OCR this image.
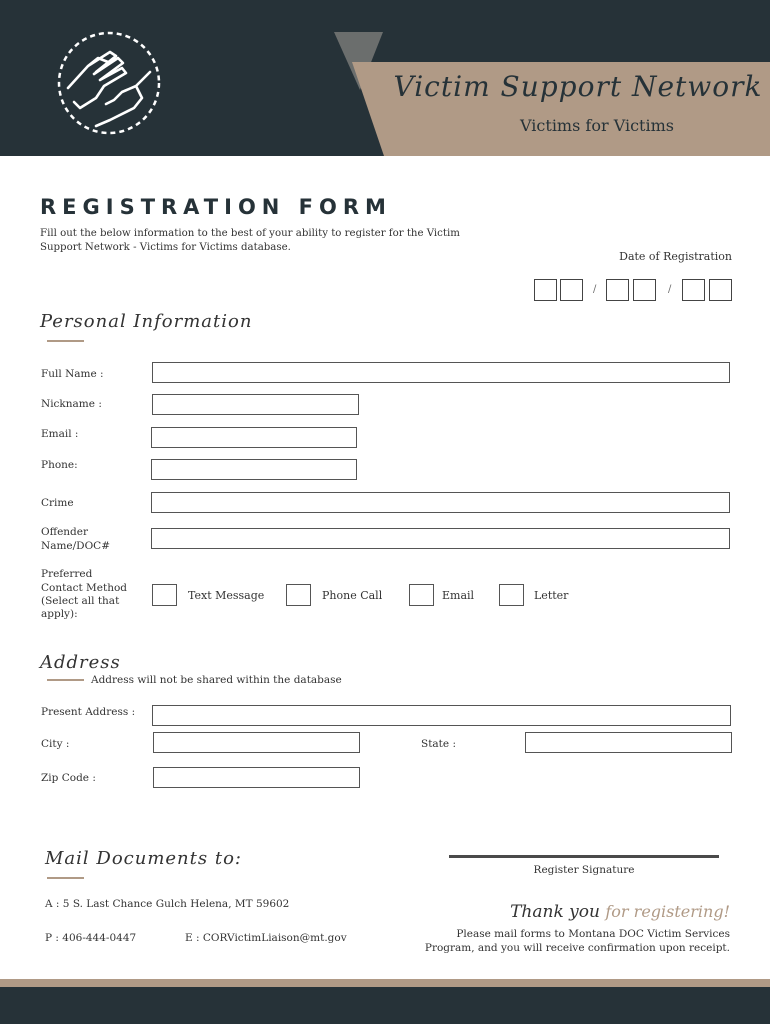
Victim Support Network
Victims for Victims
REGISTRATION FORM
Fill out the below information to the best of your ability to register for the Victim Support Network - Victims for Victims database.
Date of Registration
/	/
Personal Information
Full Name :
Nickname :
Email :
Phone:
Crime
Offender
Name/DOC#
Preferred
Contact Method
(Select all that
apply):
Text Message	Phone Call	Email	Letter
Address
Address will not be shared within the database
Present Address :
City :	State :
Zip Code :
Mail Documents to:
A : 5 S. Last Chance Gulch Helena, MT 59602
P : 406-444-0447	E : CORVictimLiaison@mt.gov
Register Signature
Thank you for registering!
Please mail forms to Montana DOC Victim Services
Program, and you will receive confirmation upon receipt.
